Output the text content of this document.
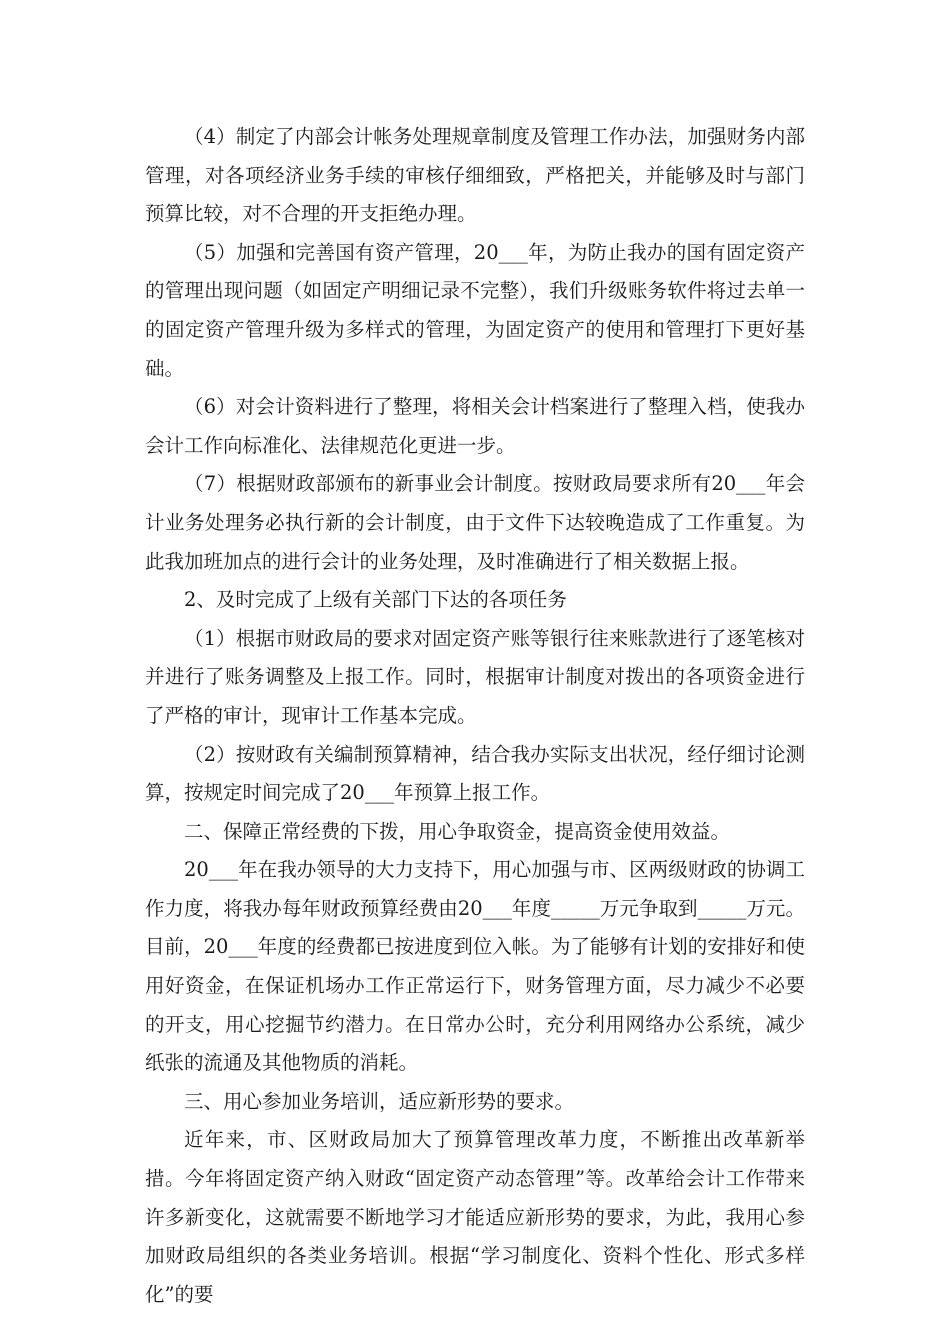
（4）制定了内部会计帐务处理规章制度及管理工作办法，加强财务内部管理，对各项经济业务手续的审核仔细细致，严格把关，并能够及时与部门预算比较，对不合理的开支拒绝办理。

（5）加强和完善国有资产管理，20___年，为防止我办的国有固定资产的管理出现问题（如固定产明细记录不完整），我们升级账务软件将过去单一的固定资产管理升级为多样式的管理，为固定资产的使用和管理打下更好基础。

（6）对会计资料进行了整理，将相关会计档案进行了整理入档，使我办会计工作向标准化、法律规范化更进一步。

（7）根据财政部颁布的新事业会计制度。按财政局要求所有20___年会计业务处理务必执行新的会计制度，由于文件下达较晚造成了工作重复。为此我加班加点的进行会计的业务处理，及时准确进行了相关数据上报。

2、及时完成了上级有关部门下达的各项任务

（1）根据市财政局的要求对固定资产账等银行往来账款进行了逐笔核对并进行了账务调整及上报工作。同时，根据审计制度对拨出的各项资金进行了严格的审计，现审计工作基本完成。

（2）按财政有关编制预算精神，结合我办实际支出状况，经仔细讨论测算，按规定时间完成了20___年预算上报工作。

二、保障正常经费的下拨，用心争取资金，提高资金使用效益。

20___年在我办领导的大力支持下，用心加强与市、区两级财政的协调工作力度，将我办每年财政预算经费由20___年度_____万元争取到_____万元。目前，20___年度的经费都已按进度到位入帐。为了能够有计划的安排好和使用好资金，在保证机场办工作正常运行下，财务管理方面，尽力减少不必要的开支，用心挖掘节约潜力。在日常办公时，充分利用网络办公系统，减少纸张的流通及其他物质的消耗。

三、用心参加业务培训，适应新形势的要求。

近年来，市、区财政局加大了预算管理改革力度，不断推出改革新举措。今年将固定资产纳入财政“固定资产动态管理”等。改革给会计工作带来许多新变化，这就需要不断地学习才能适应新形势的要求，为此，我用心参加财政局组织的各类业务培训。根据“学习制度化、资料个性化、形式多样化”的要
